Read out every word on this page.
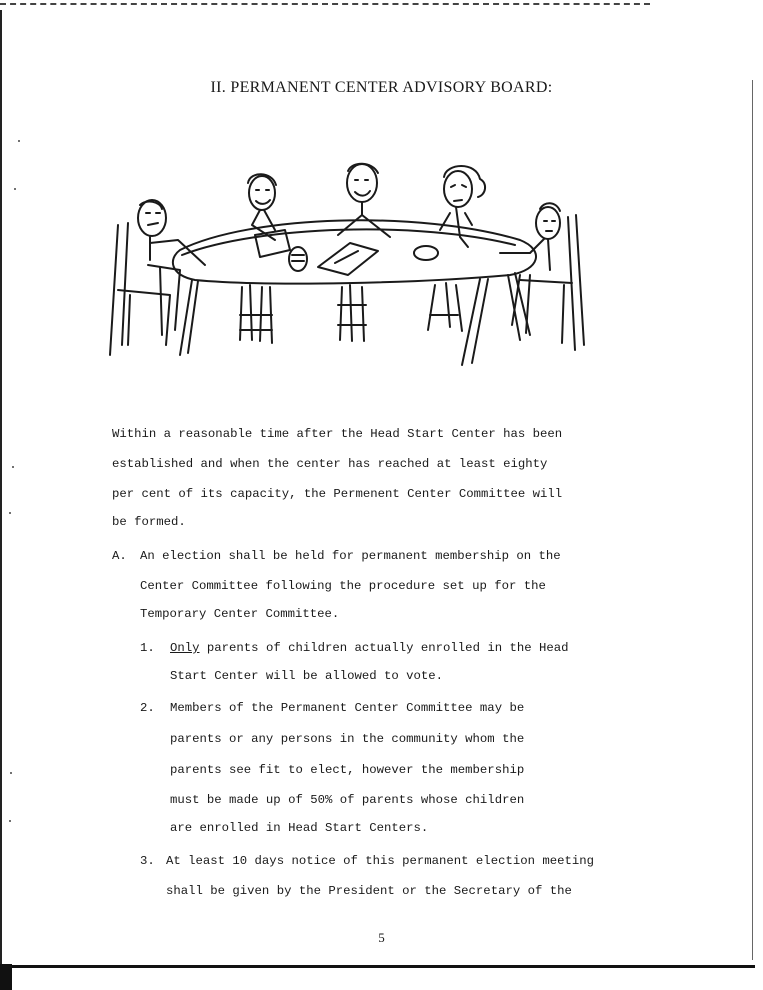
II. PERMANENT CENTER ADVISORY BOARD:
Within a reasonable time after the Head Start Center has been
established and when the center has reached at least eighty
per cent of its capacity, the Permenent Center Committee will
be formed.
A. An election shall be held for permanent membership on the
Center Committee following the procedure set up for the
Temporary Center Committee.
1. Only parents of children actually enrolled in the Head
Start Center will be allowed to vote.
2. Members of the Permanent Center Committee may be
parents or any persons in the community whom the
parents see fit to elect, however the membership
must be made up of 50% of parents whose children
are enrolled in Head Start Centers.
3. At least 10 days notice of this permanent election meeting
shall be given by the President or the Secretary of the
5
